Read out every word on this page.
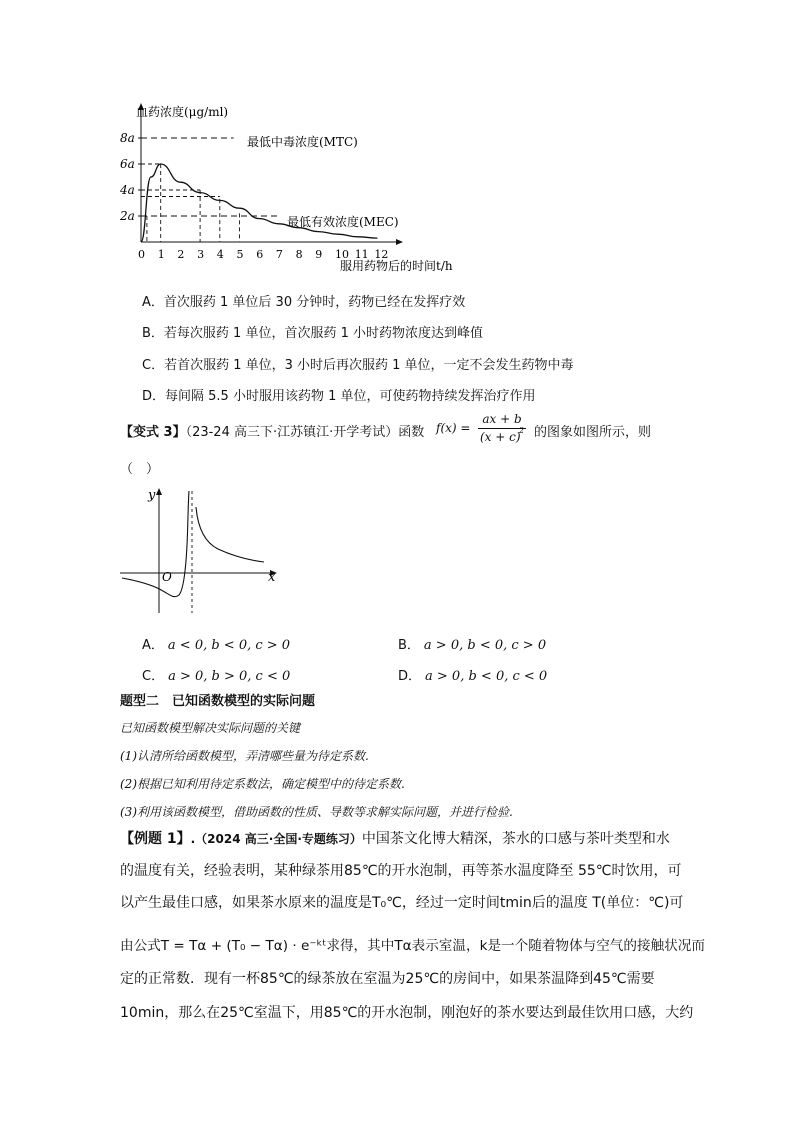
8a
6a
4a
2a
0 1 2 3 4 5 6 7 8 9 10 11 12
血药浓度(μg/ml)
服用药物后的时间t/h
最低中毒浓度(MTC)
最低有效浓度(MEC)
A．首次服药 1 单位后 30 分钟时，药物已经在发挥疗效
B．若每次服药 1 单位，首次服药 1 小时药物浓度达到峰值
C．若首次服药 1 单位，3 小时后再次服药 1 单位，一定不会发生药物中毒
D．每间隔 5.5 小时服用该药物 1 单位，可使药物持续发挥治疗作用
【变式 3】（23-24 高三下·江苏镇江·开学考试）函数 f(x) =
ax + b
(x + c)
2 的图象如图所示，则
（　）
y
x
O
A． a < 0, b < 0, c > 0	B． a > 0, b < 0, c > 0
C． a > 0, b > 0, c < 0	D． a > 0, b < 0, c < 0
题型二　已知函数模型的实际问题
已知函数模型解决实际问题的关键
(1)认清所给函数模型，弄清哪些量为待定系数.
(2)根据已知利用待定系数法，确定模型中的待定系数.
(3)利用该函数模型，借助函数的性质、导数等求解实际问题，并进行检验.
【例题 1】.（2024 高三·全国·专题练习）中国茶文化博大精深，茶水的口感与茶叶类型和水
的温度有关，经验表明，某种绿茶用85℃的开水泡制，再等茶水温度降至 55℃时饮用，可
以产生最佳口感，如果茶水原来的温度是T₀℃，经过一定时间tmin后的温度 T(单位：℃)可
由公式T = Tα + (T₀ − Tα) · e⁻ᵏᵗ求得，其中Tα表示室温，k是一个随着物体与空气的接触状况而
定的正常数．现有一杯85℃的绿茶放在室温为25℃的房间中，如果茶温降到45℃需要
10min，那么在25℃室温下，用85℃的开水泡制，刚泡好的茶水要达到最佳饮用口感，大约
